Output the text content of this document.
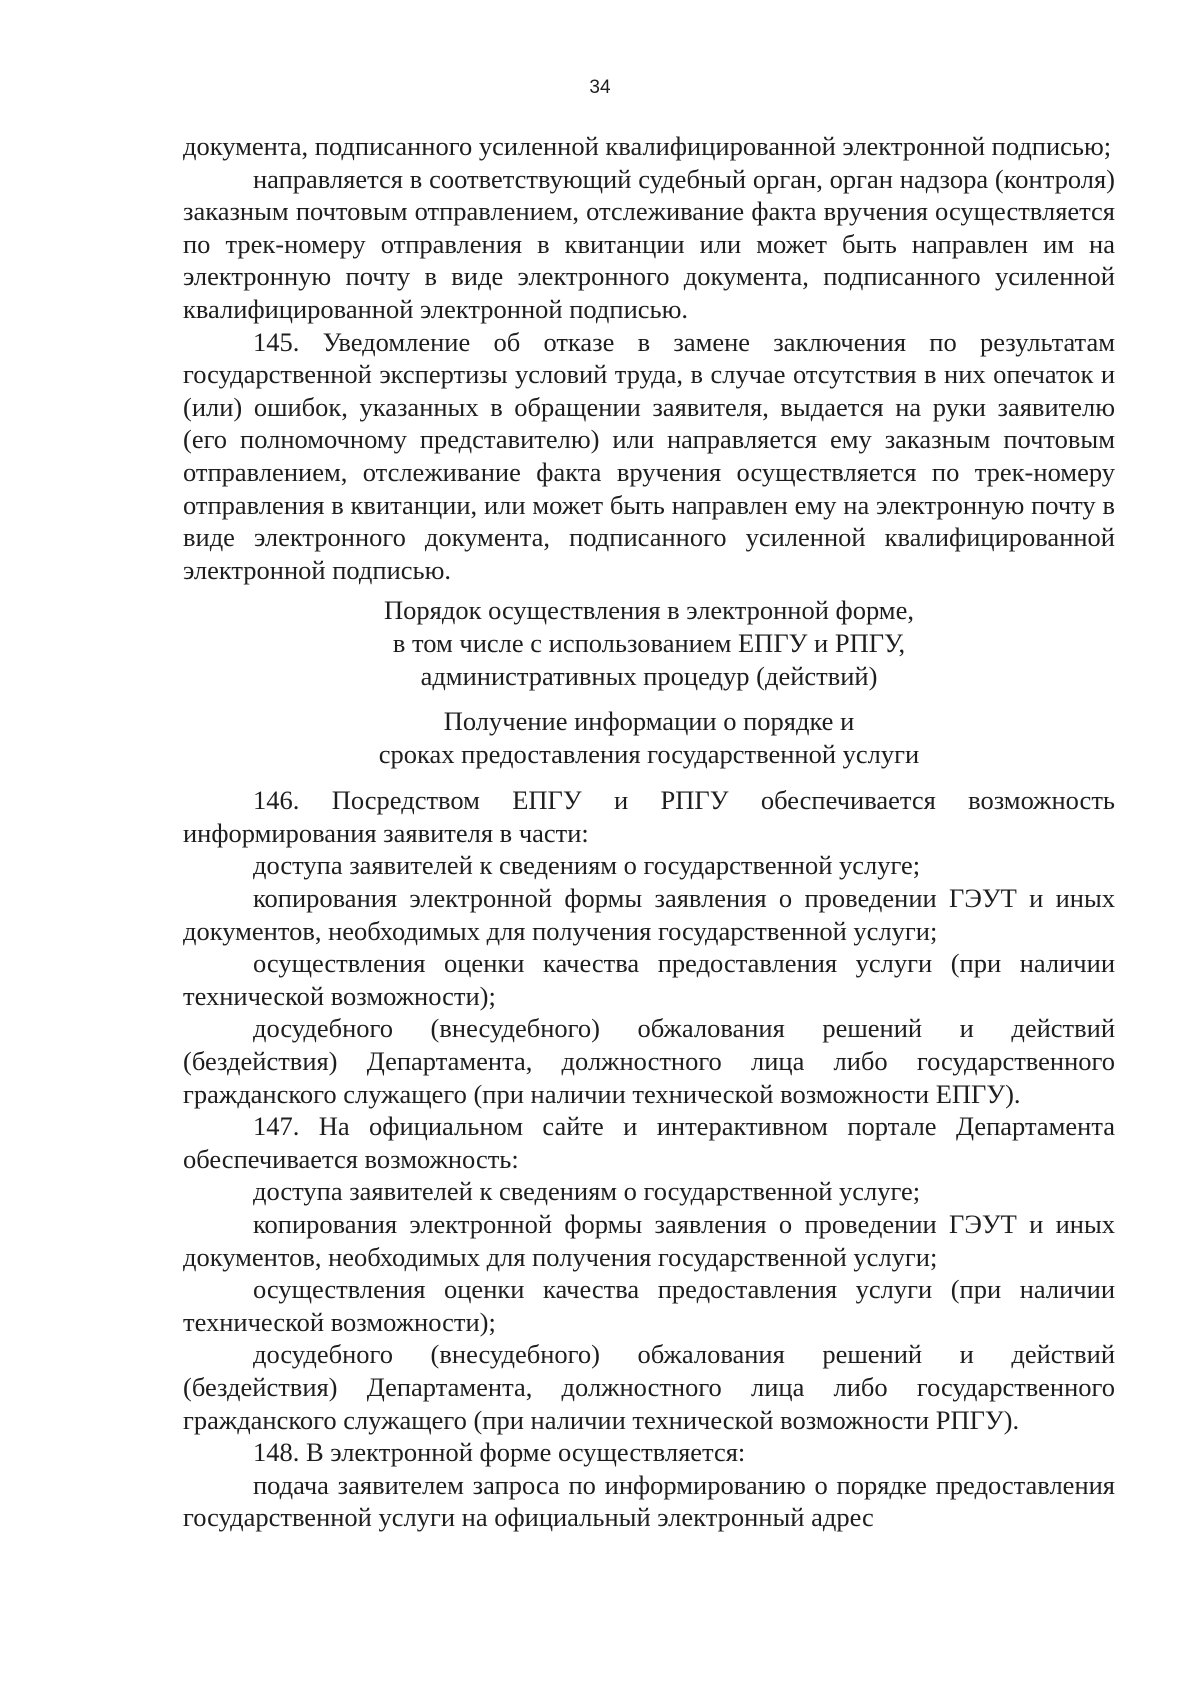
34

документа, подписанного усиленной квалифицированной электронной подписью;

направляется в соответствующий судебный орган, орган надзора (контроля) заказным почтовым отправлением, отслеживание факта вручения осуществляется по трек-номеру отправления в квитанции или может быть направлен им на электронную почту в виде электронного документа, подписанного усиленной квалифицированной электронной подписью.

145. Уведомление об отказе в замене заключения по результатам государственной экспертизы условий труда, в случае отсутствия в них опечаток и (или) ошибок, указанных в обращении заявителя, выдается на руки заявителю (его полномочному представителю) или направляется ему заказным почтовым отправлением, отслеживание факта вручения осуществляется по трек-номеру отправления в квитанции, или может быть направлен ему на электронную почту в виде электронного документа, подписанного усиленной квалифицированной электронной подписью.

Порядок осуществления в электронной форме,
в том числе с использованием ЕПГУ и РПГУ,
административных процедур (действий)
Получение информации о порядке и
сроках предоставления государственной услуги

146. Посредством ЕПГУ и РПГУ обеспечивается возможность информирования заявителя в части:

доступа заявителей к сведениям о государственной услуге;

копирования электронной формы заявления о проведении ГЭУТ и иных документов, необходимых для получения государственной услуги;

осуществления оценки качества предоставления услуги (при наличии технической возможности);

досудебного (внесудебного) обжалования решений и действий (бездействия) Департамента, должностного лица либо государственного гражданского служащего (при наличии технической возможности ЕПГУ).

147. На официальном сайте и интерактивном портале Департамента обеспечивается возможность:

доступа заявителей к сведениям о государственной услуге;

копирования электронной формы заявления о проведении ГЭУТ и иных документов, необходимых для получения государственной услуги;

осуществления оценки качества предоставления услуги (при наличии технической возможности);

досудебного (внесудебного) обжалования решений и действий (бездействия) Департамента, должностного лица либо государственного гражданского служащего (при наличии технической возможности РПГУ).

148. В электронной форме осуществляется:

подача заявителем запроса по информированию о порядке предоставления государственной услуги на официальный электронный адрес
